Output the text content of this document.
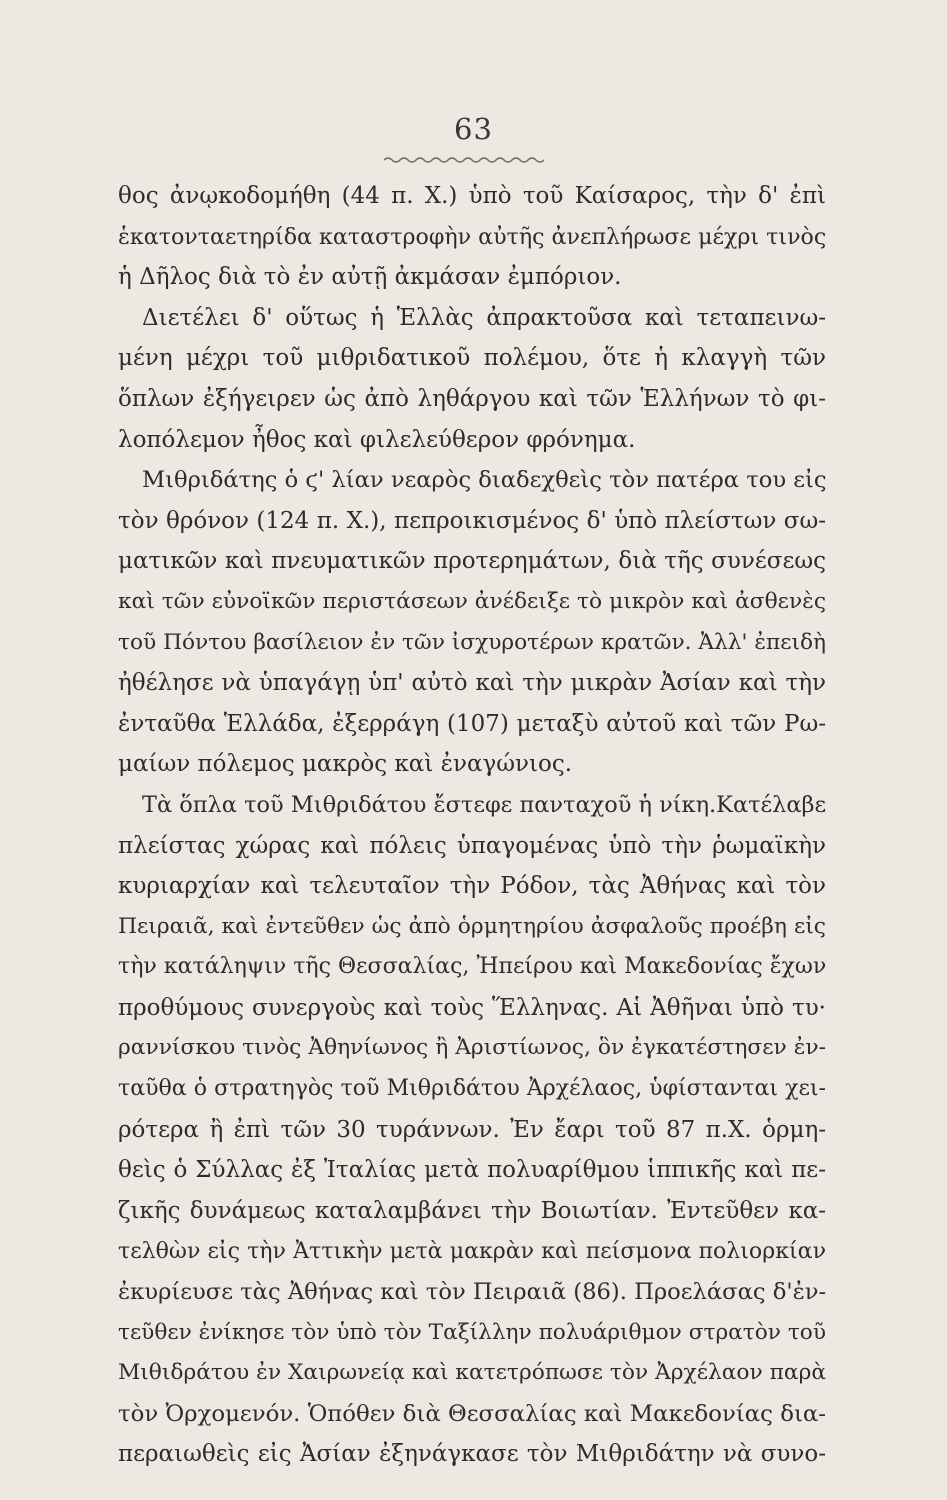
63
θος ἀνῳκοδομήθη (44 π. Χ.) ὑπὸ τοῦ Καίσαρος, τὴν δ' ἐπὶ
ἑκατονταετηρίδα καταστροφὴν αὐτῆς ἀνεπλήρωσε μέχρι τινὸς
ἡ Δῆλος διὰ τὸ ἐν αὐτῇ ἀκμάσαν ἐμπόριον.
Διετέλει δ' οὕτως ἡ Ἑλλὰς ἀπρακτοῦσα καὶ τεταπεινω-
μένη μέχρι τοῦ μιθριδατικοῦ πολέμου, ὅτε ἡ κλαγγὴ τῶν
ὅπλων ἐξήγειρεν ὡς ἀπὸ ληθάργου καὶ τῶν Ἑλλήνων τὸ φι-
λοπόλεμον ἦθος καὶ φιλελεύθερον φρόνημα.
Μιθριδάτης ὁ ϛ' λίαν νεαρὸς διαδεχθεὶς τὸν πατέρα του εἰς
τὸν θρόνον (124 π. Χ.), πεπροικισμένος δ' ὑπὸ πλείστων σω-
ματικῶν καὶ πνευματικῶν προτερημάτων, διὰ τῆς συνέσεως
καὶ τῶν εὐνοϊκῶν περιστάσεων ἀνέδειξε τὸ μικρὸν καὶ ἀσθενὲς
τοῦ Πόντου βασίλειον ἐν τῶν ἰσχυροτέρων κρατῶν. Ἀλλ' ἐπειδὴ
ἠθέλησε νὰ ὑπαγάγῃ ὑπ' αὐτὸ καὶ τὴν μικρὰν Ἀσίαν καὶ τὴν
ἐνταῦθα Ἑλλάδα, ἐξερράγη (107) μεταξὺ αὐτοῦ καὶ τῶν Ρω-
μαίων πόλεμος μακρὸς καὶ ἐναγώνιος.
Τὰ ὅπλα τοῦ Μιθριδάτου ἔστεφε πανταχοῦ ἡ νίκη.Κατέλαβε
πλείστας χώρας καὶ πόλεις ὑπαγομένας ὑπὸ τὴν ῥωμαϊκὴν
κυριαρχίαν καὶ τελευταῖον τὴν Ρόδον, τὰς Ἀθήνας καὶ τὸν
Πειραιᾶ, καὶ ἐντεῦθεν ὡς ἀπὸ ὁρμητηρίου ἀσφαλοῦς προέβη εἰς
τὴν κατάληψιν τῆς Θεσσαλίας, Ἠπείρου καὶ Μακεδονίας ἔχων
προθύμους συνεργοὺς καὶ τοὺς Ἕλληνας. Αἱ Ἀθῆναι ὑπὸ τυ·
ραννίσκου τινὸς Ἀθηνίωνος ἢ Ἀριστίωνος, ὃν ἐγκατέστησεν ἐν-
ταῦθα ὁ στρατηγὸς τοῦ Μιθριδάτου Ἀρχέλαος, ὑφίστανται χει-
ρότερα ἢ ἐπὶ τῶν 30 τυράννων. Ἐν ἔαρι τοῦ 87 π.Χ. ὁρμη-
θεὶς ὁ Σύλλας ἐξ Ἰταλίας μετὰ πολυαρίθμου ἱππικῆς καὶ πε-
ζικῆς δυνάμεως καταλαμβάνει τὴν Βοιωτίαν. Ἐντεῦθεν κα-
τελθὼν εἰς τὴν Ἀττικὴν μετὰ μακρὰν καὶ πείσμονα πολιορκίαν
ἐκυρίευσε τὰς Ἀθήνας καὶ τὸν Πειραιᾶ (86). Προελάσας δ'ἐν-
τεῦθεν ἐνίκησε τὸν ὑπὸ τὸν Ταξίλλην πολυάριθμον στρατὸν τοῦ
Μιθιδράτου ἐν Χαιρωνείᾳ καὶ κατετρόπωσε τὸν Ἀρχέλαον παρὰ
τὸν Ὀρχομενόν. Ὁπόθεν διὰ Θεσσαλίας καὶ Μακεδονίας δια-
περαιωθεὶς εἰς Ἀσίαν ἐξηνάγκασε τὸν Μιθριδάτην νὰ συνο-
